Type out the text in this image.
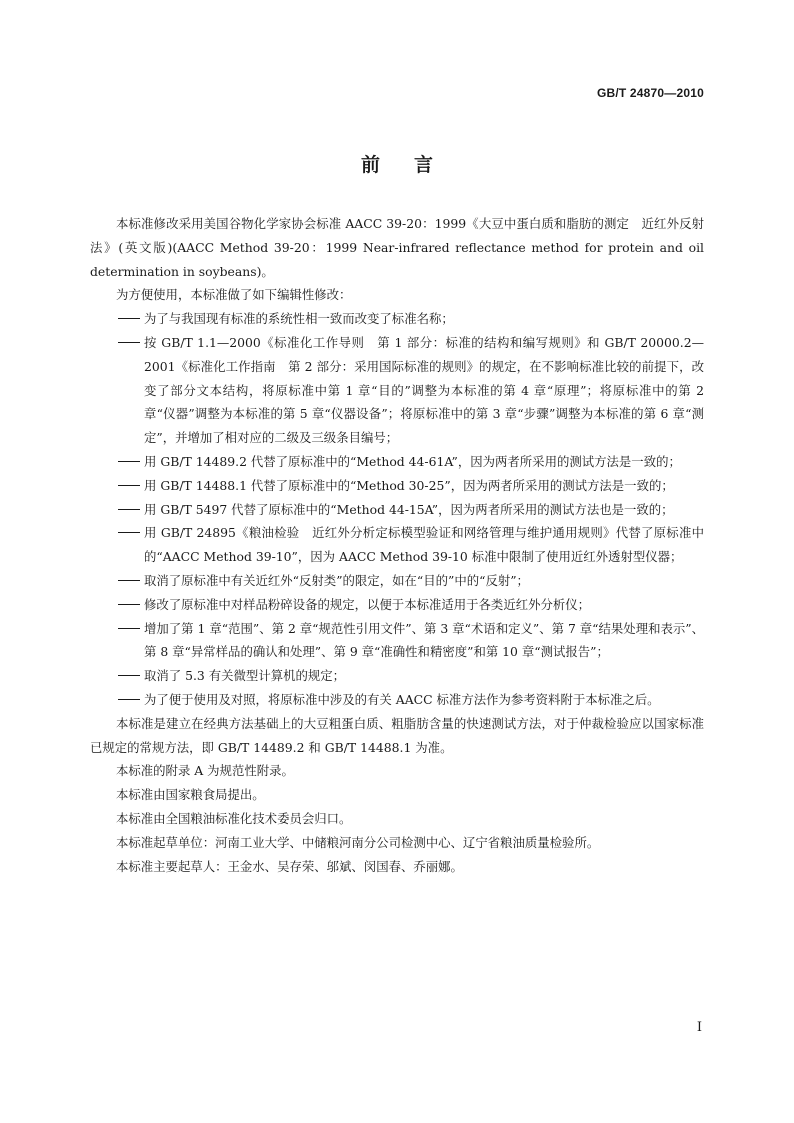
GB/T 24870—2010
前言

本标准修改采用美国谷物化学家协会标准 AACC 39-20：1999《大豆中蛋白质和脂肪的测定　近红外反射法》(英文版)(AACC Method 39-20：1999 Near-infrared reflectance method for protein and oil determination in soybeans)。

为方便使用，本标准做了如下编辑性修改：

为了与我国现有标准的系统性相一致而改变了标准名称；
按 GB/T 1.1—2000《标准化工作导则　第 1 部分：标准的结构和编写规则》和 GB/T 20000.2—2001《标准化工作指南　第 2 部分：采用国际标准的规则》的规定，在不影响标准比较的前提下，改变了部分文本结构，将原标准中第 1 章“目的”调整为本标准的第 4 章“原理”；将原标准中的第 2 章“仪器”调整为本标准的第 5 章“仪器设备”；将原标准中的第 3 章“步骤”调整为本标准的第 6 章“测定”，并增加了相对应的二级及三级条目编号；
用 GB/T 14489.2 代替了原标准中的“Method 44-61A”，因为两者所采用的测试方法是一致的；
用 GB/T 14488.1 代替了原标准中的“Method 30-25”，因为两者所采用的测试方法是一致的；
用 GB/T 5497 代替了原标准中的“Method 44-15A”，因为两者所采用的测试方法也是一致的；
用 GB/T 24895《粮油检验　近红外分析定标模型验证和网络管理与维护通用规则》代替了原标准中的“AACC Method 39-10”，因为 AACC Method 39-10 标准中限制了使用近红外透射型仪器；
取消了原标准中有关近红外“反射类”的限定，如在“目的”中的“反射”；
修改了原标准中对样品粉碎设备的规定，以便于本标准适用于各类近红外分析仪；
增加了第 1 章“范围”、第 2 章“规范性引用文件”、第 3 章“术语和定义”、第 7 章“结果处理和表示”、第 8 章“异常样品的确认和处理”、第 9 章“准确性和精密度”和第 10 章“测试报告”；
取消了 5.3 有关微型计算机的规定；
为了便于使用及对照，将原标准中涉及的有关 AACC 标准方法作为参考资料附于本标准之后。

本标准是建立在经典方法基础上的大豆粗蛋白质、粗脂肪含量的快速测试方法，对于仲裁检验应以国家标准已规定的常规方法，即 GB/T 14489.2 和 GB/T 14488.1 为准。

本标准的附录 A 为规范性附录。

本标准由国家粮食局提出。

本标准由全国粮油标准化技术委员会归口。

本标准起草单位：河南工业大学、中储粮河南分公司检测中心、辽宁省粮油质量检验所。

本标准主要起草人：王金水、吴存荣、邬斌、闵国春、乔丽娜。

I
